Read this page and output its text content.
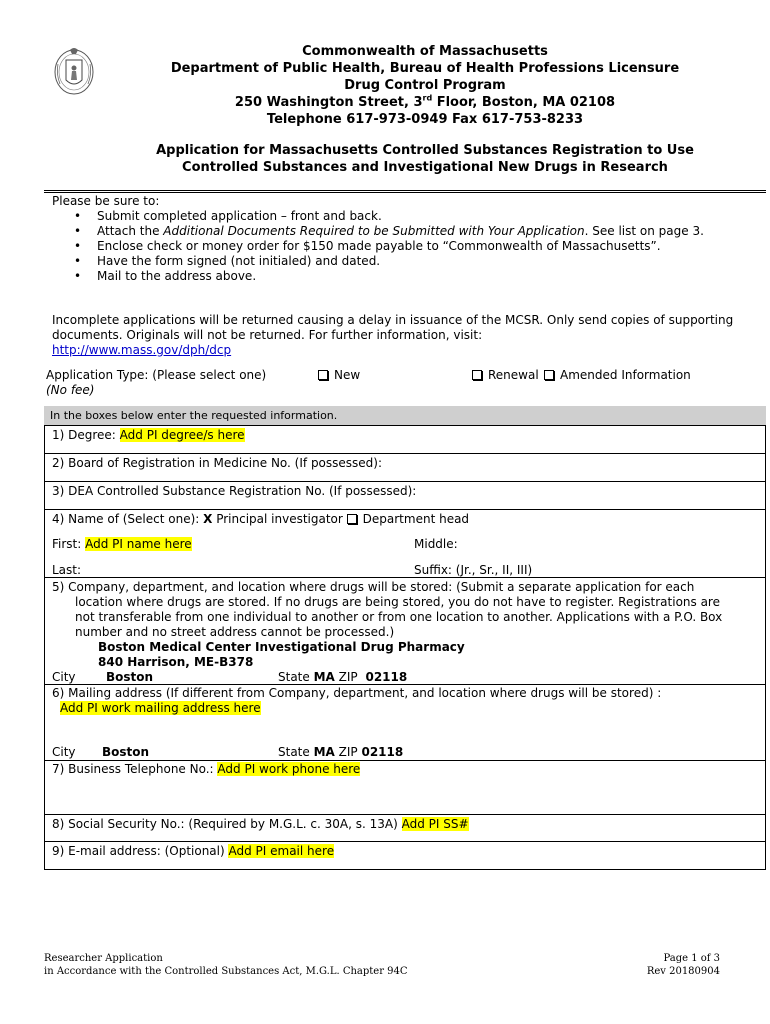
Commonwealth of Massachusetts
Department of Public Health, Bureau of Health Professions Licensure
Drug Control Program
250 Washington Street, 3rd Floor, Boston, MA 02108
Telephone 617-973-0949 Fax 617-753-8233
Application for Massachusetts Controlled Substances Registration to Use
Controlled Substances and Investigational New Drugs in Research
Please be sure to:
• Submit completed application – front and back.
• Attach the Additional Documents Required to be Submitted with Your Application. See list on page 3.
• Enclose check or money order for $150 made payable to “Commonwealth of Massachusetts”.
• Have the form signed (not initialed) and dated.
• Mail to the address above.
Incomplete applications will be returned causing a delay in issuance of the MCSR. Only send copies of supporting documents. Originals will not be returned. For further information, visit:
http://www.mass.gov/dph/dcp
Application Type: (Please select one)
(No fee)
New	Renewal	Amended Information
In the boxes below enter the requested information.
1) Degree: Add PI degree/s here
2) Board of Registration in Medicine No. (If possessed):
3) DEA Controlled Substance Registration No. (If possessed):
4) Name of (Select one): X Principal investigator Department head
First: Add PI name here	Middle:
Last:	Suffix: (Jr., Sr., II, III)
5) Company, department, and location where drugs will be stored: (Submit a separate application for each location where drugs are stored. If no drugs are being stored, you do not have to register. Registrations are not transferable from one individual to another or from one location to another. Applications with a P.O. Box number and no street address cannot be processed.)
Boston Medical Center Investigational Drug Pharmacy
840 Harrison, ME-B378
City	Boston	State MA ZIP 02118
6) Mailing address (If different from Company, department, and location where drugs will be stored) :
Add PI work mailing address here
City Boston	State MA ZIP 02118
7) Business Telephone No.: Add PI work phone here
8) Social Security No.: (Required by M.G.L. c. 30A, s. 13A) Add PI SS#
9) E-mail address: (Optional) Add PI email here
Researcher Application
in Accordance with the Controlled Substances Act, M.G.L. Chapter 94C
Page 1 of 3
Rev 20180904
